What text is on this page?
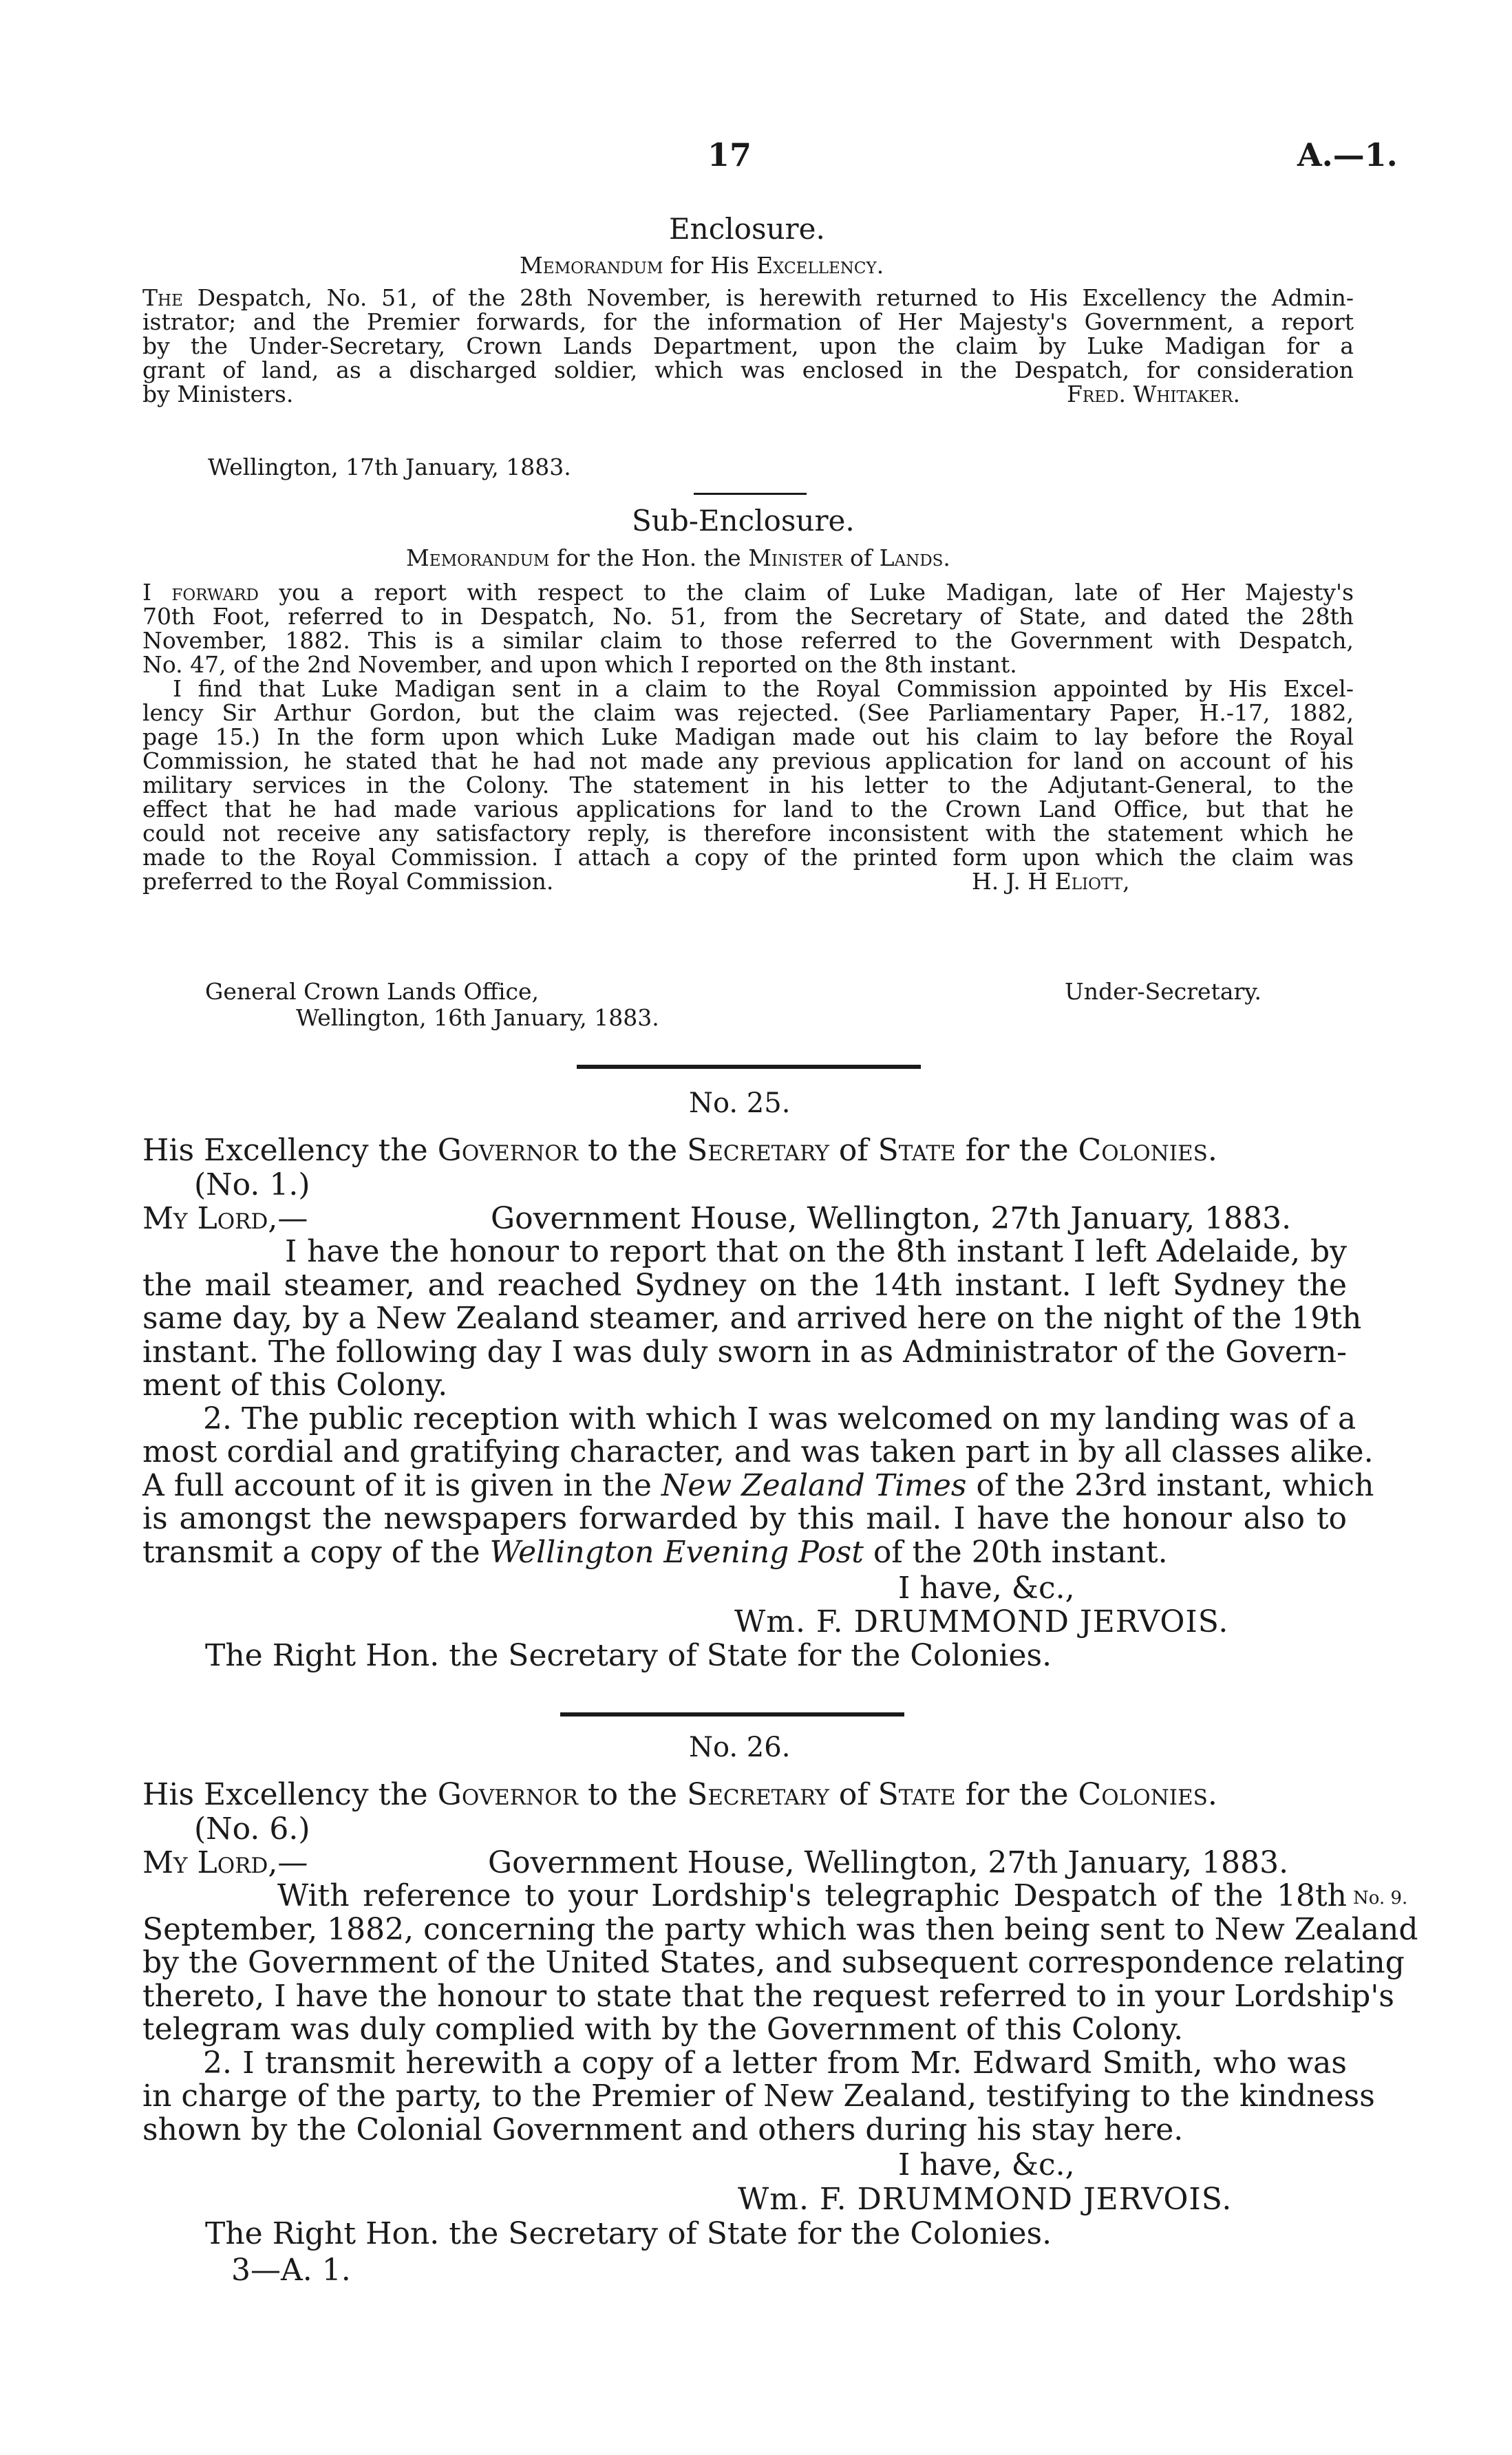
17	A.—1.
Enclosure.
Memorandum for His Excellency.
The Despatch, No. 51, of the 28th November, is herewith returned to His Excellency the Admin-
istrator; and the Premier forwards, for the information of Her Majesty's Government, a report
by the Under-Secretary, Crown Lands Department, upon the claim by Luke Madigan for a
grant of land, as a discharged soldier, which was enclosed in the Despatch, for consideration
by Ministers.	Fred. Whitaker.
Wellington, 17th January, 1883.
Sub-Enclosure.
Memorandum for the Hon. the Minister of Lands.
I forward you a report with respect to the claim of Luke Madigan, late of Her Majesty's
70th Foot, referred to in Despatch, No. 51, from the Secretary of State, and dated the 28th
November, 1882. This is a similar claim to those referred to the Government with Despatch,
No. 47, of the 2nd November, and upon which I reported on the 8th instant.
I find that Luke Madigan sent in a claim to the Royal Commission appointed by His Excel-
lency Sir Arthur Gordon, but the claim was rejected. (See Parliamentary Paper, H.-17, 1882,
page 15.) In the form upon which Luke Madigan made out his claim to lay before the Royal
Commission, he stated that he had not made any previous application for land on account of his
military services in the Colony. The statement in his letter to the Adjutant-General, to the
effect that he had made various applications for land to the Crown Land Office, but that he
could not receive any satisfactory reply, is therefore inconsistent with the statement which he
made to the Royal Commission. I attach a copy of the printed form upon which the claim was
preferred to the Royal Commission.	H. J. H Eliott,
General Crown Lands Office,	Under-Secretary.
Wellington, 16th January, 1883.
No. 25.
His Excellency the Governor to the Secretary of State for the Colonies.
(No. 1.)
My Lord,—	Government House, Wellington, 27th January, 1883.
I have the honour to report that on the 8th instant I left Adelaide, by
the mail steamer, and reached Sydney on the 14th instant. I left Sydney the
same day, by a New Zealand steamer, and arrived here on the night of the 19th
instant. The following day I was duly sworn in as Administrator of the Govern-
ment of this Colony.
2. The public reception with which I was welcomed on my landing was of a
most cordial and gratifying character, and was taken part in by all classes alike.
A full account of it is given in the New Zealand Times of the 23rd instant, which
is amongst the newspapers forwarded by this mail. I have the honour also to
transmit a copy of the Wellington Evening Post of the 20th instant.
I have, &c.,
Wm. F. DRUMMOND JERVOIS.
The Right Hon. the Secretary of State for the Colonies.
No. 26.
His Excellency the Governor to the Secretary of State for the Colonies.
(No. 6.)
My Lord,—	Government House, Wellington, 27th January, 1883.
No. 9.
With reference to your Lordship's telegraphic Despatch of the 18th
September, 1882, concerning the party which was then being sent to New Zealand
by the Government of the United States, and subsequent correspondence relating
thereto, I have the honour to state that the request referred to in your Lordship's
telegram was duly complied with by the Government of this Colony.
2. I transmit herewith a copy of a letter from Mr. Edward Smith, who was
in charge of the party, to the Premier of New Zealand, testifying to the kindness
shown by the Colonial Government and others during his stay here.
I have, &c.,
Wm. F. DRUMMOND JERVOIS.
The Right Hon. the Secretary of State for the Colonies.
3—A. 1.
